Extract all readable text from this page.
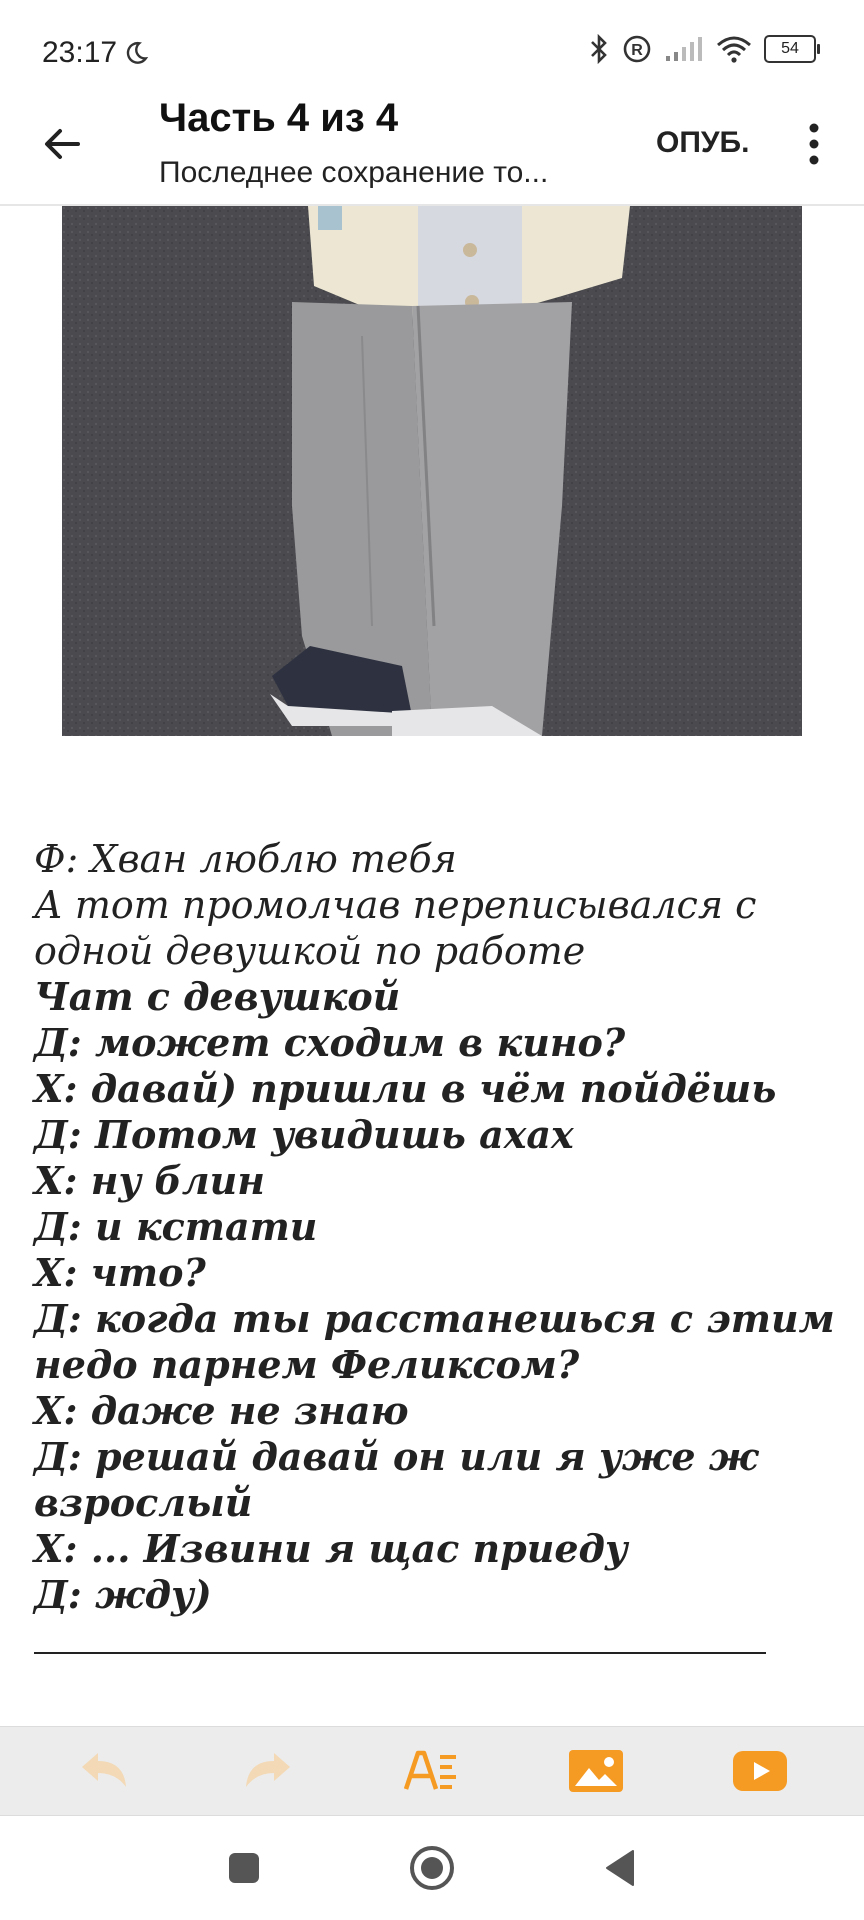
23:17	R	54
Часть 4 из 4
Последнее сохранение то...
ОПУБ.
Ф: Хван люблю тебя
А тот промолчав переписывался с
одной девушкой по работе
Чат с девушкой
Д: может сходим в кино?
Х: давай) пришли в чём пойдёшь
Д: Потом увидишь ахах
Х: ну блин
Д: и кстати
Х: что?
Д: когда ты расстанешься с этим
недо парнем Феликсом?
Х: даже не знаю
Д: решай давай он или я уже ж
взрослый
Х: ... Извини я щас приеду
Д: жду)
